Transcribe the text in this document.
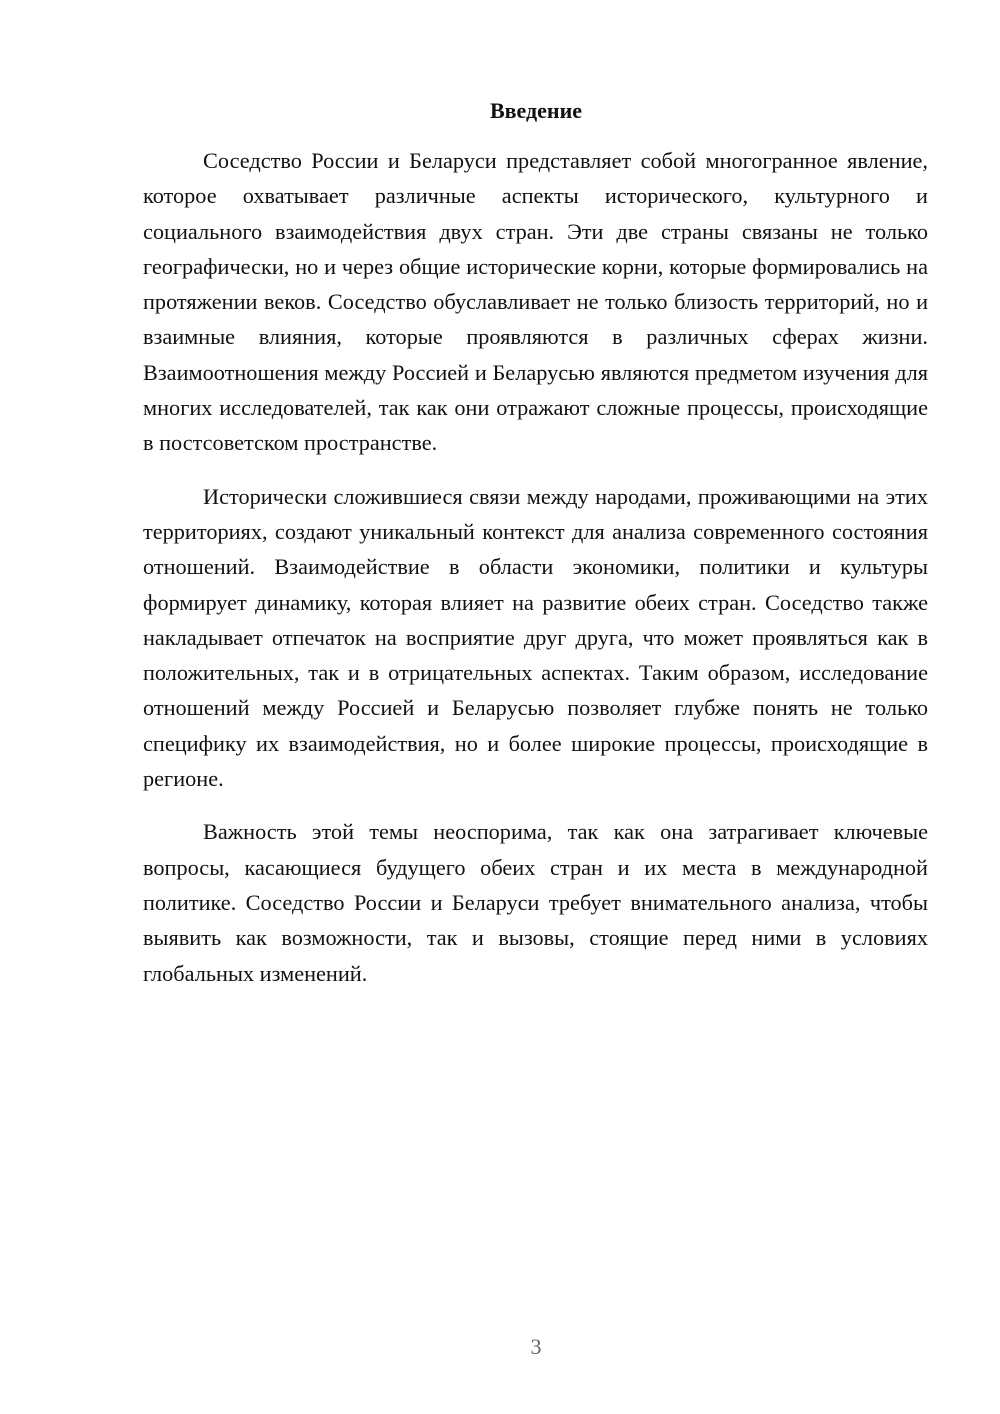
Введение

Соседство России и Беларуси представляет собой многогранное явление, которое охватывает различные аспекты исторического, культурного и социального взаимодействия двух стран. Эти две страны связаны не только географически, но и через общие исторические корни, которые формировались на протяжении веков. Соседство обуславливает не только близость территорий, но и взаимные влияния, которые проявляются в различных сферах жизни. Взаимоотношения между Россией и Беларусью являются предметом изучения для многих исследователей, так как они отражают сложные процессы, происходящие в постсоветском пространстве.

Исторически сложившиеся связи между народами, проживающими на этих территориях, создают уникальный контекст для анализа современного состояния отношений. Взаимодействие в области экономики, политики и культуры формирует динамику, которая влияет на развитие обеих стран. Соседство также накладывает отпечаток на восприятие друг друга, что может проявляться как в положительных, так и в отрицательных аспектах. Таким образом, исследование отношений между Россией и Беларусью позволяет глубже понять не только специфику их взаимодействия, но и более широкие процессы, происходящие в регионе.

Важность этой темы неоспорима, так как она затрагивает ключевые вопросы, касающиеся будущего обеих стран и их места в международной политике. Соседство России и Беларуси требует внимательного анализа, чтобы выявить как возможности, так и вызовы, стоящие перед ними в условиях глобальных изменений.

3
